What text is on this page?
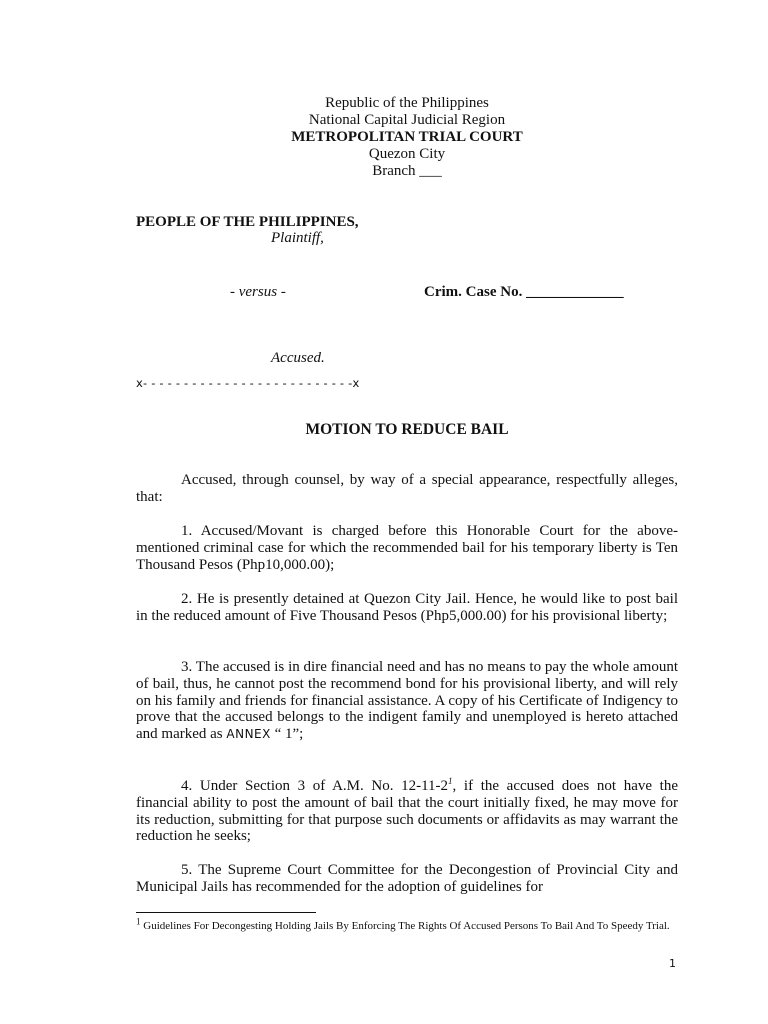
Republic of the Philippines
National Capital Judicial Region
METROPOLITAN TRIAL COURT
Quezon City
Branch ___
PEOPLE OF THE PHILIPPINES,
Plaintiff,
- versus -	Crim. Case No. _____________
Accused.
x- - - - - - - - - - - - - - - - - - - - - - - - - -x
MOTION TO REDUCE BAIL

Accused, through counsel, by way of a special appearance, respectfully alleges, that:

1. Accused/Movant is charged before this Honorable Court for the above-mentioned criminal case for which the recommended bail for his temporary liberty is Ten Thousand Pesos (Php10,000.00);

2. He is presently detained at Quezon City Jail. Hence, he would like to post bail in the reduced amount of Five Thousand Pesos (Php5,000.00) for his provisional liberty;

3. The accused is in dire financial need and has no means to pay the whole amount of bail, thus, he cannot post the recommend bond for his provisional liberty, and will rely on his family and friends for financial assistance. A copy of his Certificate of Indigency to prove that the accused belongs to the indigent family and unemployed is hereto attached and marked as ANNEX “ 1”;

4. Under Section 3 of A.M. No. $12-11-2^1$, if the accused does not have the financial ability to post the amount of bail that the court initially fixed, he may move for its reduction, submitting for that purpose such documents or affidavits as may warrant the reduction he seeks;

5. The Supreme Court Committee for the Decongestion of Provincial City and Municipal Jails has recommended for the adoption of guidelines for

$^1$ Guidelines For Decongesting Holding Jails By Enforcing The Rights Of Accused Persons To Bail And To Speedy Trial.
1
